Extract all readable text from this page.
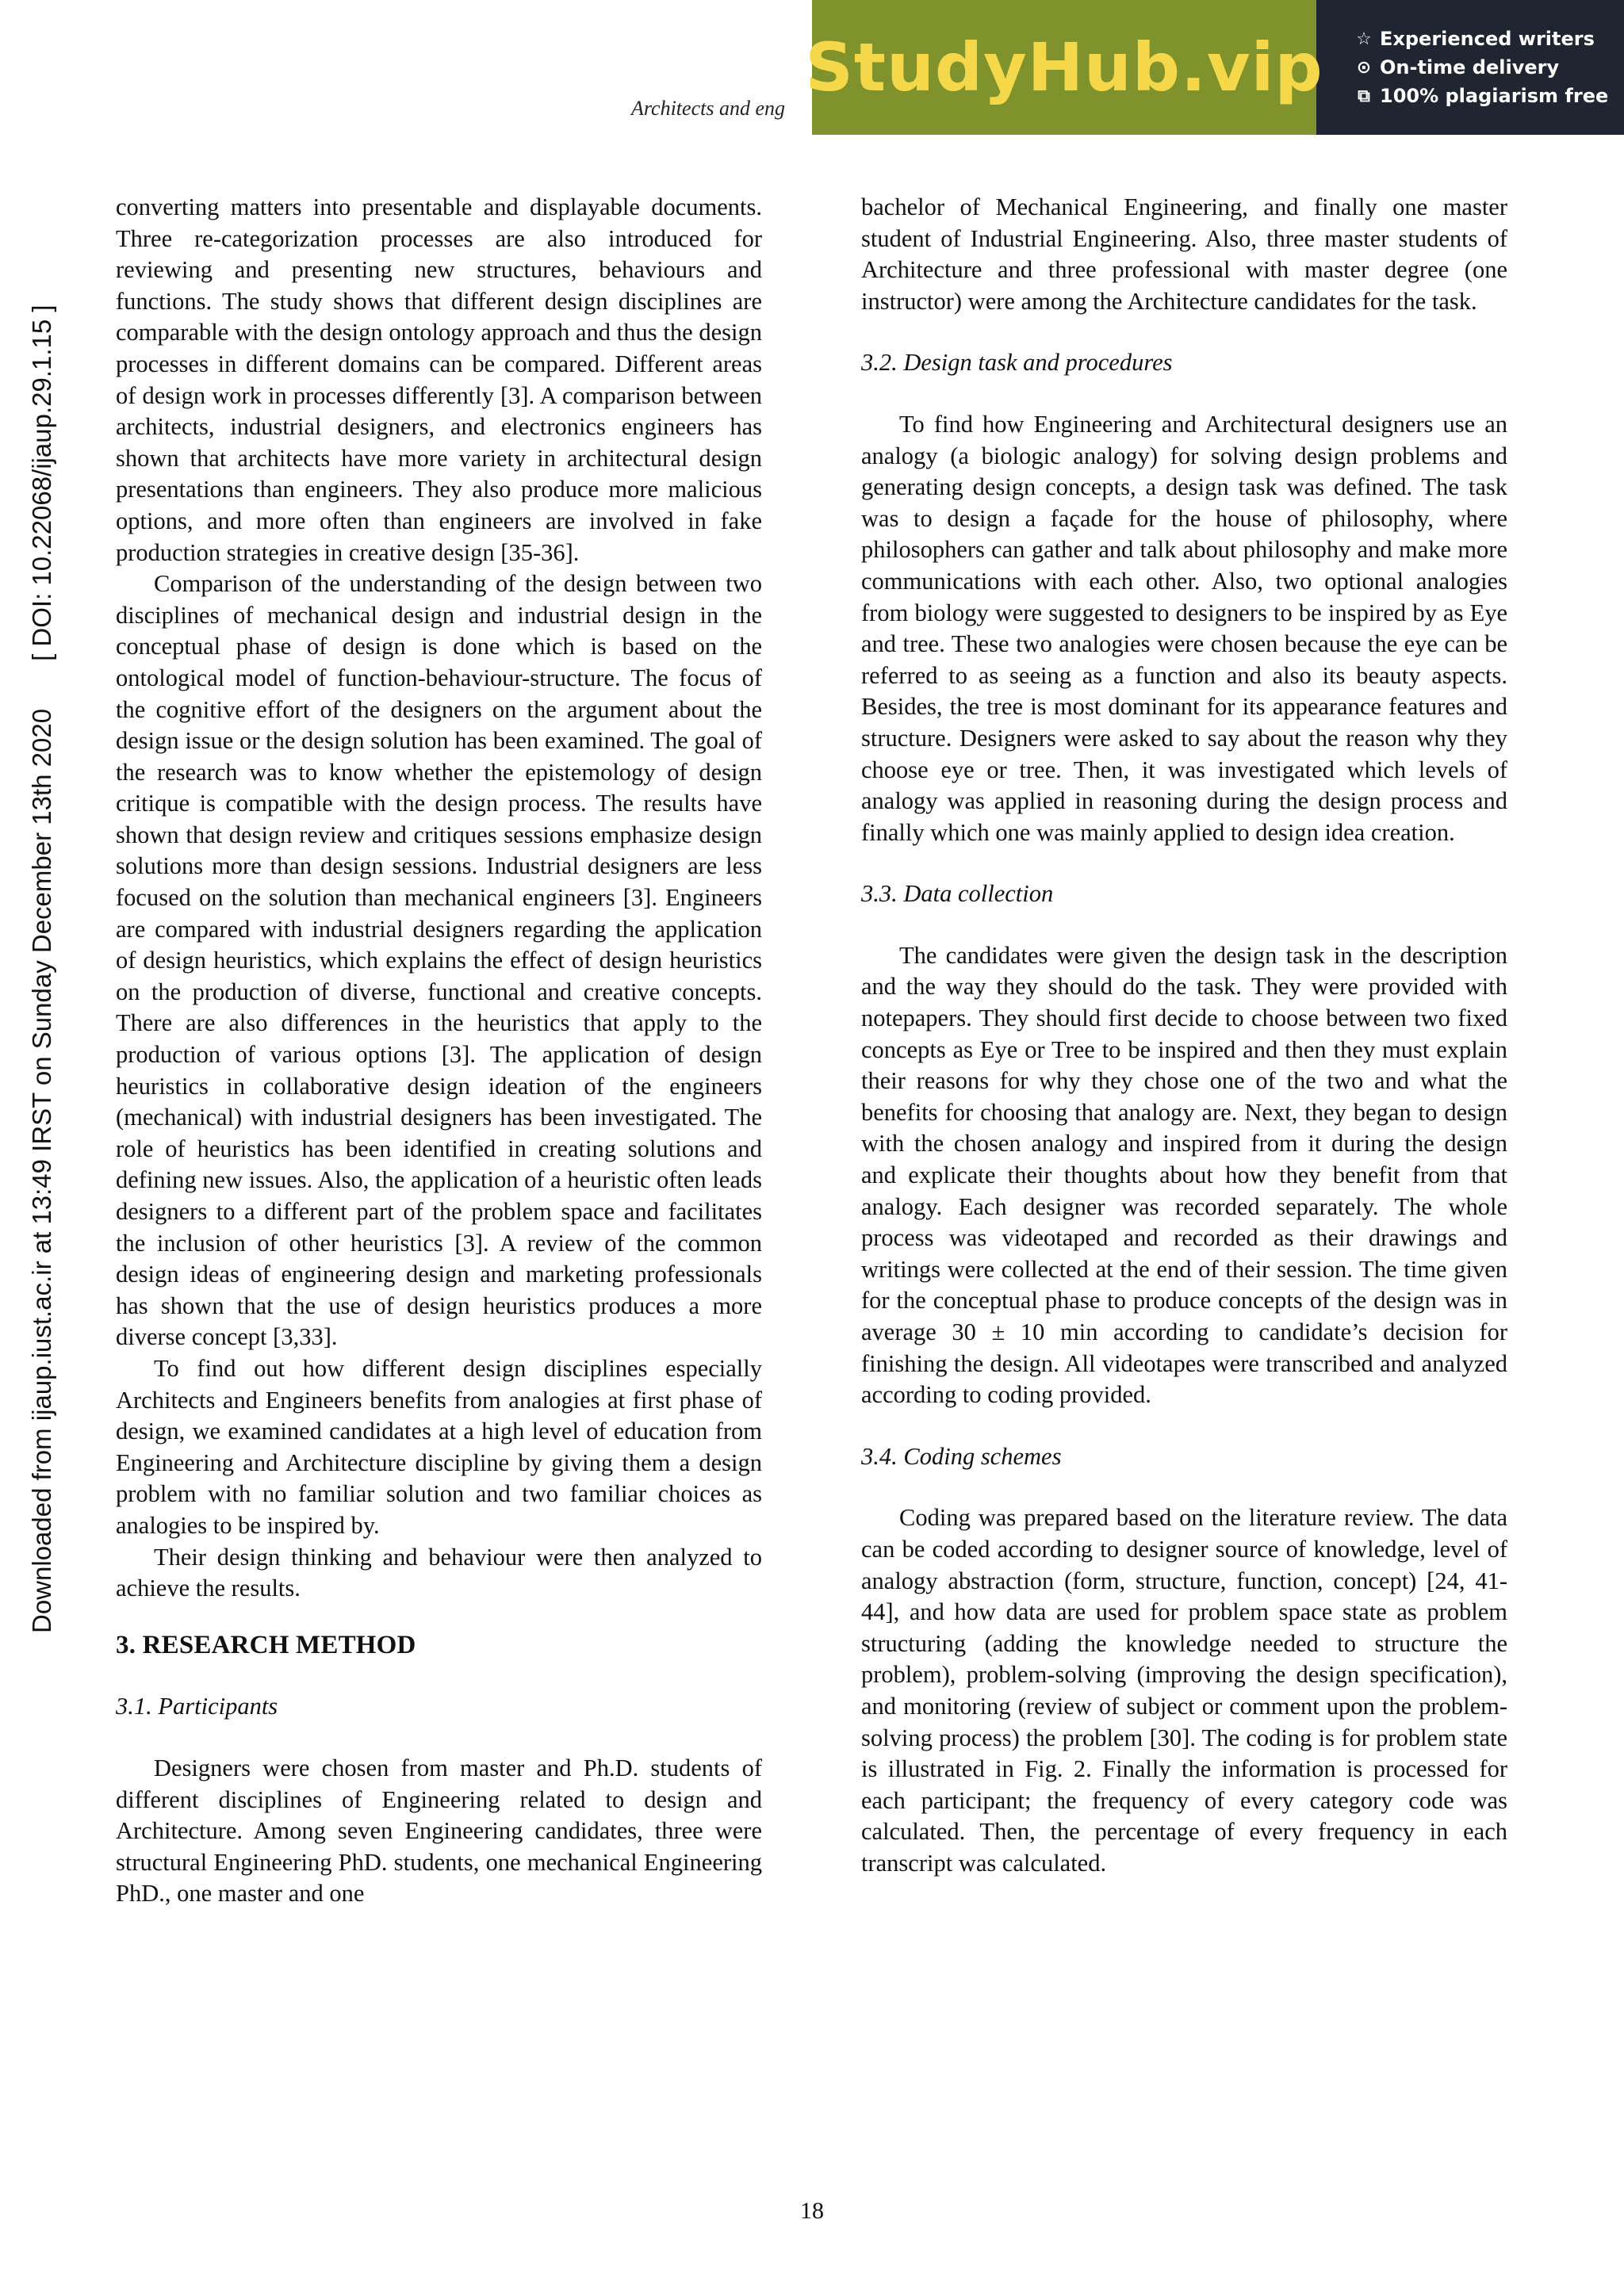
Architects and eng
StudyHub.vip ☆ Experienced writers
⊙ On-time delivery
⧉ 100% plagiarism free
Downloaded from ijaup.iust.ac.ir at 13:49 IRST on Sunday December 13th 2020[ DOI: 10.22068/ijaup.29.1.15 ]

converting matters into presentable and displayable documents. Three re-categorization processes are also introduced for reviewing and presenting new structures, behaviours and functions. The study shows that different design disciplines are comparable with the design ontology approach and thus the design processes in different domains can be compared. Different areas of design work in processes differently [3]. A comparison between architects, industrial designers, and electronics engineers has shown that architects have more variety in architectural design presentations than engineers. They also produce more malicious options, and more often than engineers are involved in fake production strategies in creative design [35-36].

Comparison of the understanding of the design between two disciplines of mechanical design and industrial design in the conceptual phase of design is done which is based on the ontological model of function-behaviour-structure. The focus of the cognitive effort of the designers on the argument about the design issue or the design solution has been examined. The goal of the research was to know whether the epistemology of design critique is compatible with the design process. The results have shown that design review and critiques sessions emphasize design solutions more than design sessions. Industrial designers are less focused on the solution than mechanical engineers [3]. Engineers are compared with industrial designers regarding the application of design heuristics, which explains the effect of design heuristics on the production of diverse, functional and creative concepts. There are also differences in the heuristics that apply to the production of various options [3]. The application of design heuristics in collaborative design ideation of the engineers (mechanical) with industrial designers has been investigated. The role of heuristics has been identified in creating solutions and defining new issues. Also, the application of a heuristic often leads designers to a different part of the problem space and facilitates the inclusion of other heuristics [3]. A review of the common design ideas of engineering design and marketing professionals has shown that the use of design heuristics produces a more diverse concept [3,33].

To find out how different design disciplines especially Architects and Engineers benefits from analogies at first phase of design, we examined candidates at a high level of education from Engineering and Architecture discipline by giving them a design problem with no familiar solution and two familiar choices as analogies to be inspired by.

Their design thinking and behaviour were then analyzed to achieve the results.

3. RESEARCH METHOD
3.1. Participants

Designers were chosen from master and Ph.D. students of different disciplines of Engineering related to design and Architecture. Among seven Engineering candidates, three were structural Engineering PhD. students, one mechanical Engineering PhD., one master and one

bachelor of Mechanical Engineering, and finally one master student of Industrial Engineering. Also, three master students of Architecture and three professional with master degree (one instructor) were among the Architecture candidates for the task.

3.2. Design task and procedures

To find how Engineering and Architectural designers use an analogy (a biologic analogy) for solving design problems and generating design concepts, a design task was defined. The task was to design a façade for the house of philosophy, where philosophers can gather and talk about philosophy and make more communications with each other. Also, two optional analogies from biology were suggested to designers to be inspired by as Eye and tree. These two analogies were chosen because the eye can be referred to as seeing as a function and also its beauty aspects. Besides, the tree is most dominant for its appearance features and structure. Designers were asked to say about the reason why they choose eye or tree. Then, it was investigated which levels of analogy was applied in reasoning during the design process and finally which one was mainly applied to design idea creation.

3.3. Data collection

The candidates were given the design task in the description and the way they should do the task. They were provided with notepapers. They should first decide to choose between two fixed concepts as Eye or Tree to be inspired and then they must explain their reasons for why they chose one of the two and what the benefits for choosing that analogy are. Next, they began to design with the chosen analogy and inspired from it during the design and explicate their thoughts about how they benefit from that analogy. Each designer was recorded separately. The whole process was videotaped and recorded as their drawings and writings were collected at the end of their session. The time given for the conceptual phase to produce concepts of the design was in average 30 ± 10 min according to candidate’s decision for finishing the design. All videotapes were transcribed and analyzed according to coding provided.

3.4. Coding schemes

Coding was prepared based on the literature review. The data can be coded according to designer source of knowledge, level of analogy abstraction (form, structure, function, concept) [24, 41-44], and how data are used for problem space state as problem structuring (adding the knowledge needed to structure the problem), problem-solving (improving the design specification), and monitoring (review of subject or comment upon the problem-solving process) the problem [30]. The coding is for problem state is illustrated in Fig. 2. Finally the information is processed for each participant; the frequency of every category code was calculated. Then, the percentage of every frequency in each transcript was calculated.

18
